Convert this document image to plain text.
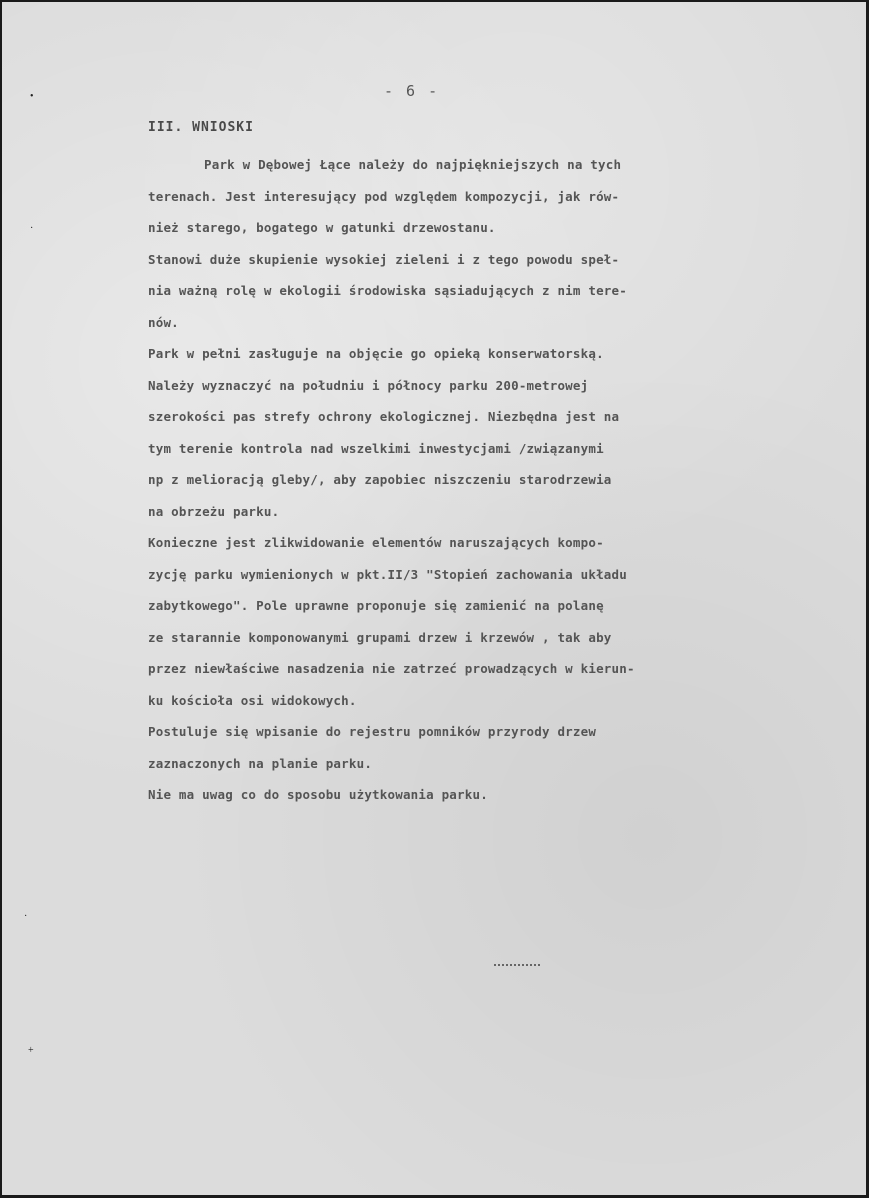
- 6 -
III. WNIOSKI
Park w Dębowej Łące należy do najpiękniejszych na tych
terenach. Jest interesujący pod względem kompozycji, jak rów-
nież starego, bogatego w gatunki drzewostanu.
Stanowi duże skupienie wysokiej zieleni i z tego powodu speł-
nia ważną rolę w ekologii środowiska sąsiadujących z nim tere-
nów.
Park w pełni zasługuje na objęcie go opieką konserwatorską.
Należy wyznaczyć na południu i północy parku 200-metrowej
szerokości pas strefy ochrony ekologicznej. Niezbędna jest na
tym terenie kontrola nad wszelkimi inwestycjami /związanymi
np z melioracją gleby/, aby zapobiec niszczeniu starodrzewia
na obrzeżu parku.
Konieczne jest zlikwidowanie elementów naruszających kompo-
zycję parku wymienionych w pkt.II/3 "Stopień zachowania układu
zabytkowego". Pole uprawne proponuje się zamienić na polanę
ze starannie komponowanymi grupami drzew i krzewów , tak aby
przez niewłaściwe nasadzenia nie zatrzeć prowadzących w kierun-
ku kościoła osi widokowych.
Postuluje się wpisanie do rejestru pomników przyrody drzew
zaznaczonych na planie parku.
Nie ma uwag co do sposobu użytkowania parku.
•
·
·
+
